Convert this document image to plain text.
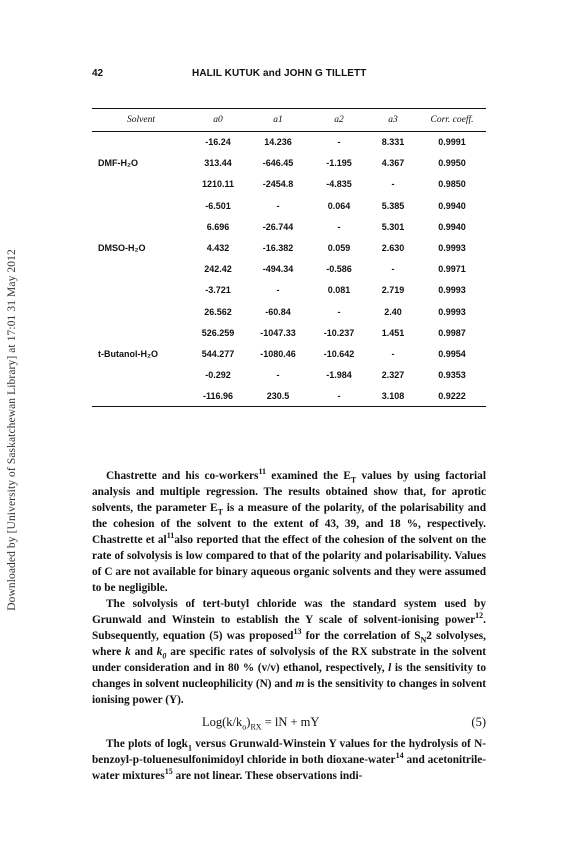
Downloaded by [University of Saskatchewan Library] at 17:01 31 May 2012
42	HALIL KUTUK and JOHN G TILLETT
Solvent	a0	a1	a2	a3	Corr. coeff.
	-16.24	14.236	-	8.331	0.9991
DMF-H₂O	313.44	-646.45	-1.195	4.367	0.9950
	1210.11	-2454.8	-4.835	-	0.9850
	-6.501	-	0.064	5.385	0.9940
	6.696	-26.744	-	5.301	0.9940
DMSO-H₂O	4.432	-16.382	0.059	2.630	0.9993
	242.42	-494.34	-0.586	-	0.9971
	-3.721	-	0.081	2.719	0.9993
	26.562	-60.84	-	2.40	0.9993
	526.259	-1047.33	-10.237	1.451	0.9987
t-Butanol-H₂O	544.277	-1080.46	-10.642	-	0.9954
	-0.292	-	-1.984	2.327	0.9353
	-116.96	230.5	-	3.108	0.9222

Chastrette and his co-workers$^{11}$ examined the $E_T$ values by using factorial analysis and multiple regression. The results obtained show that, for aprotic solvents, the parameter $E_T$ is a measure of the polarity, of the polarisability and the cohesion of the solvent to the extent of 43, 39, and 18 %, respectively. Chastrette et $al^{11}also$ reported that the effect of the cohesion of the solvent on the rate of solvolysis is low compared to that of the polarity and polarisability. Values of C are not available for binary aqueous organic solvents and they were assumed to be negligible.

The solvolysis of tert-butyl chloride was the standard system used by Grunwald and Winstein to establish the Y scale of solvent-ionising power$^{12}$. Subsequently, equation (5) was proposed$^{13}$ for the correlation of $S_N2$ solvolyses, where k and $k_0$ are specific rates of solvolysis of the RX substrate in the solvent under consideration and in 80 % (v/v) ethanol, respectively, l is the sensitivity to changes in solvent nucleophilicity (N) and m is the sensitivity to changes in solvent ionising power (Y).

$Log(k/k_o)_{RX}$ = lN + mY	(5)

The plots of logk$_1$ versus Grunwald-Winstein Y values for the hydrolysis of N-benzoyl-p-toluenesulfonimidoyl chloride in both dioxane-water$^{14}$ and acetonitrile-water mixtures$^{15}$ are not linear. These observations indi-
